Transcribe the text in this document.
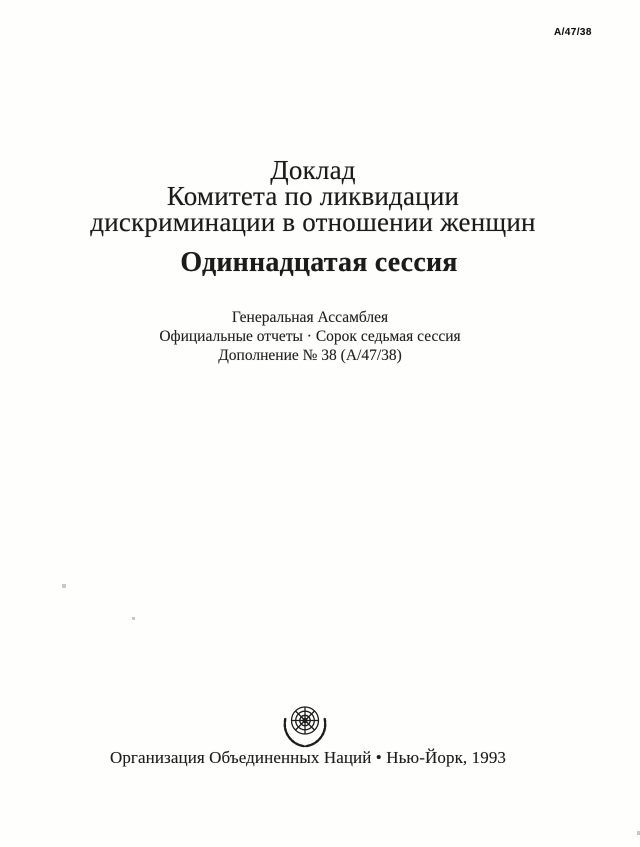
A/47/38
Доклад
Комитета по ликвидации
дискриминации в отношении женщин
Одиннадцатая сессия
Генеральная Ассамблея
Официальные отчеты · Сорок седьмая сессия
Дополнение № 38 (А/47/38)
Организация Объединенных Наций • Нью-Йорк, 1993
